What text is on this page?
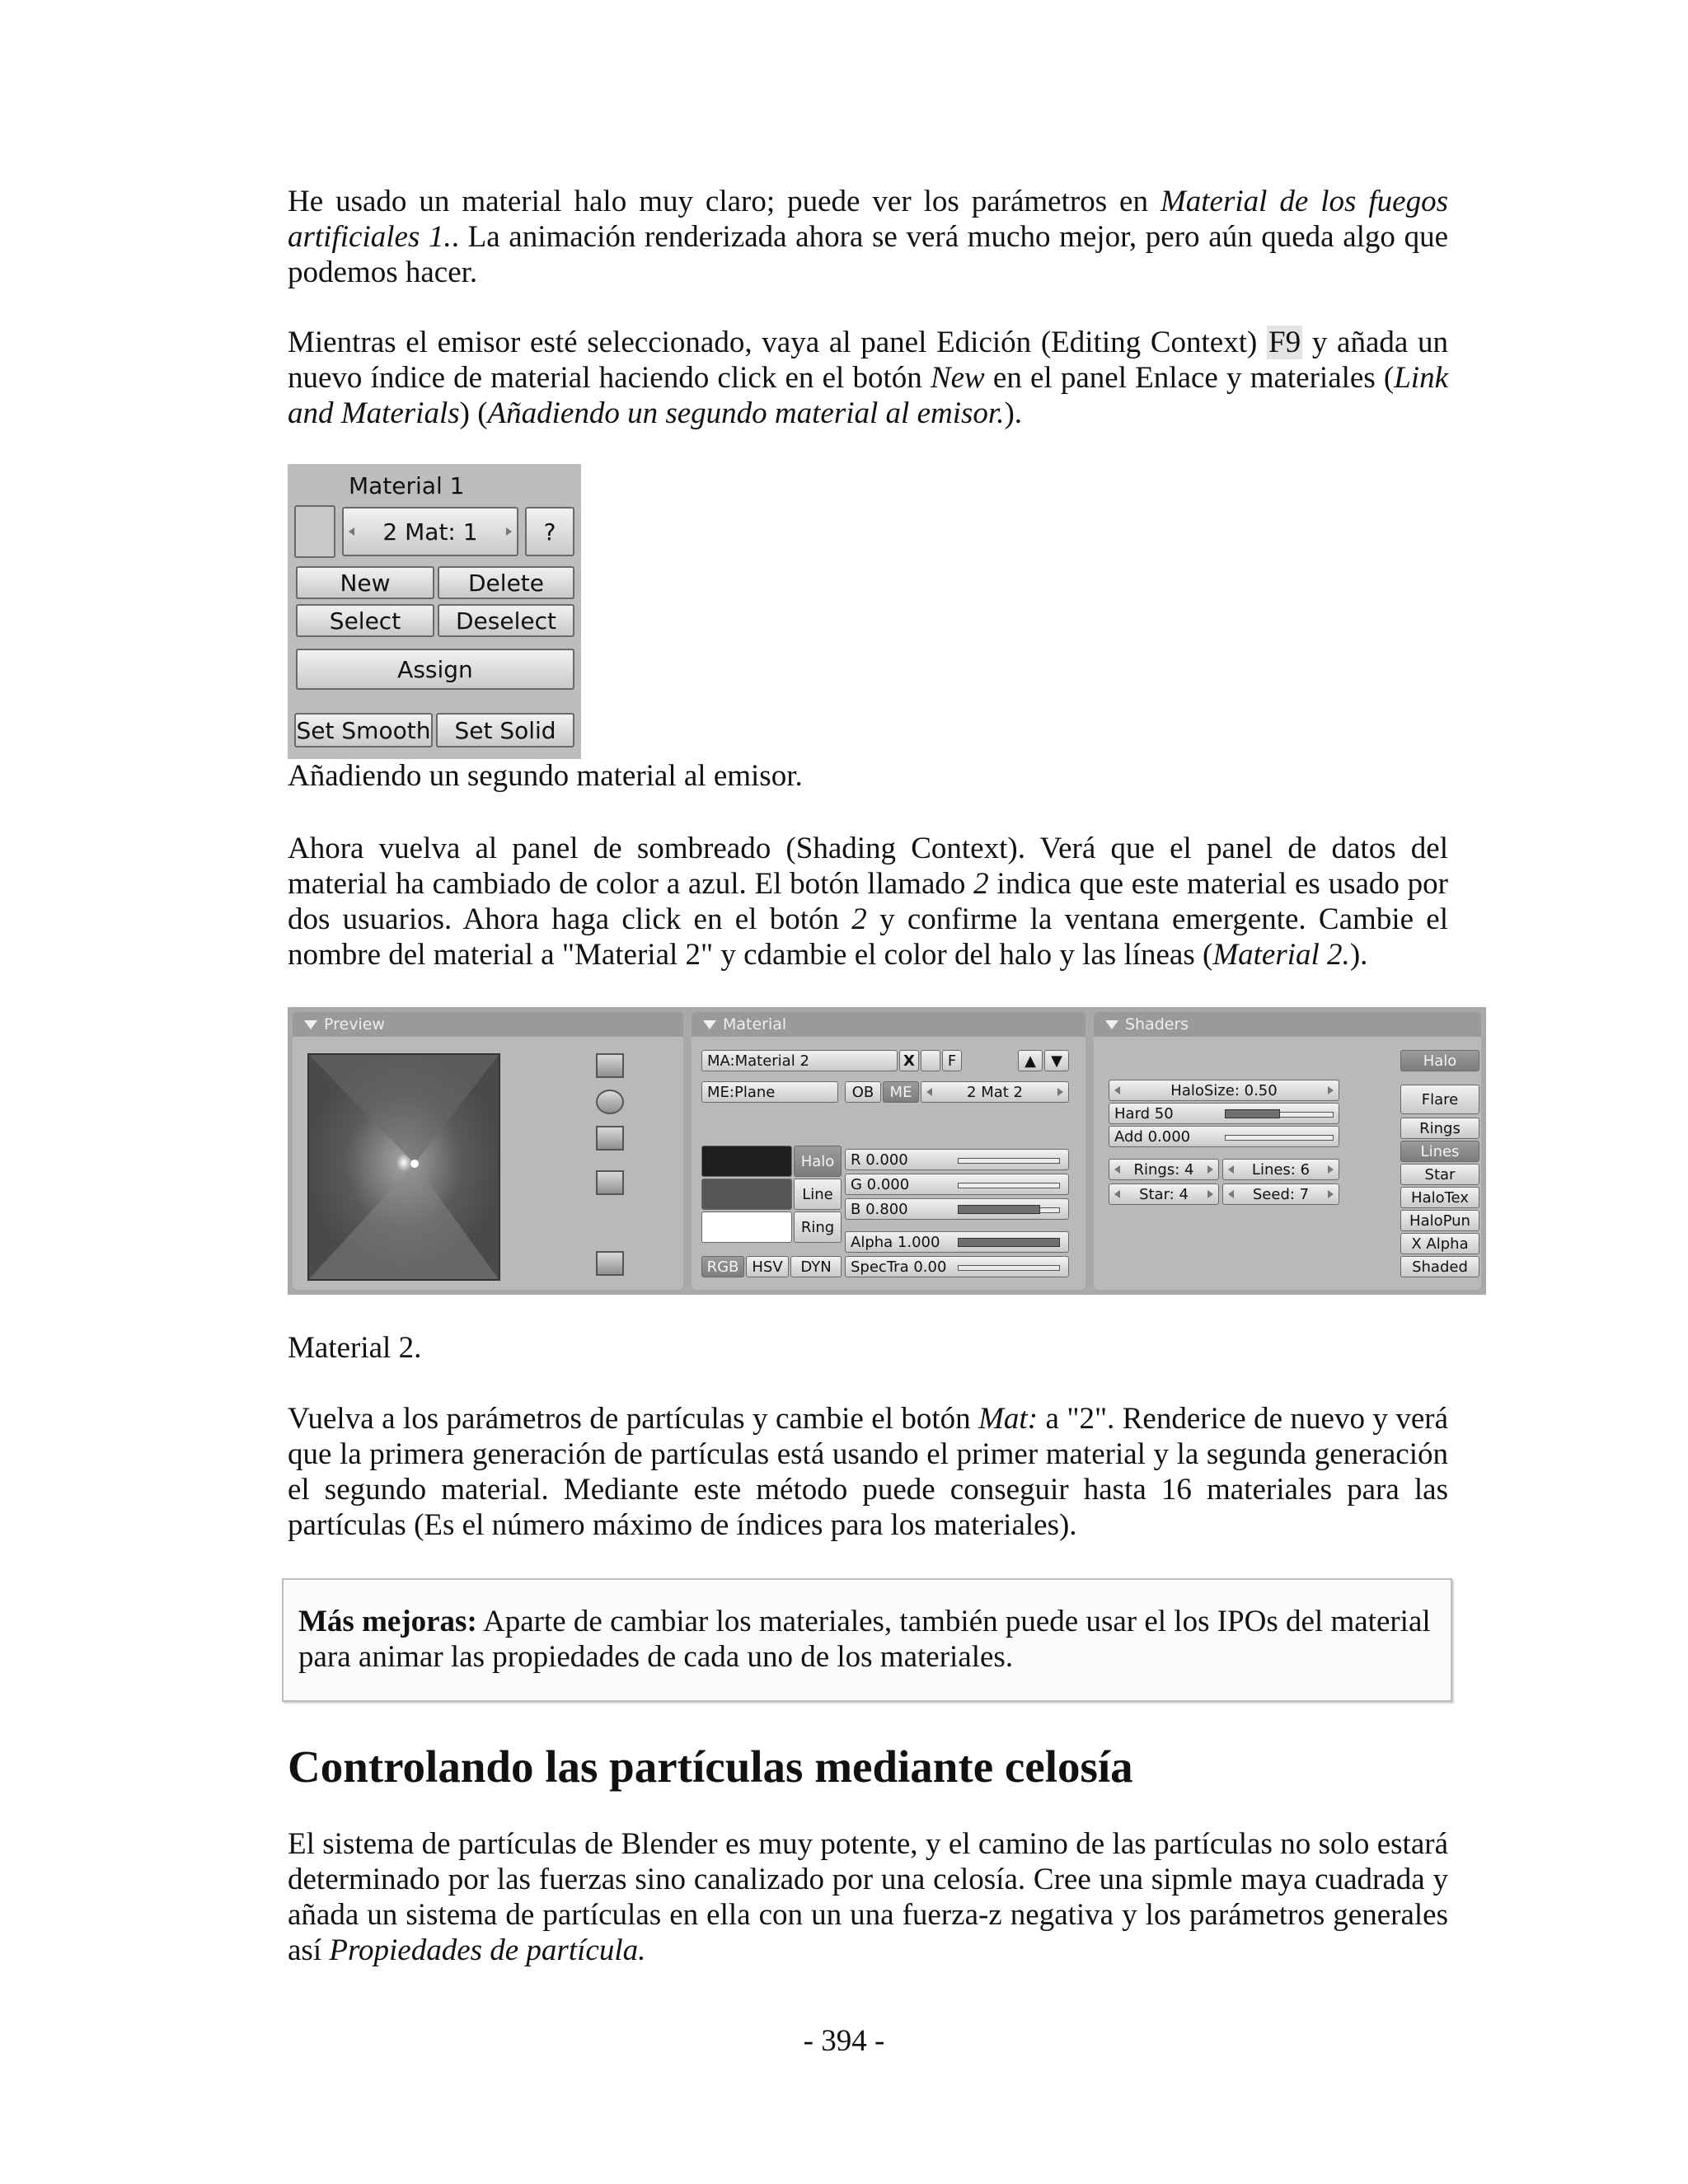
He usado un material halo muy claro; puede ver los parámetros en Material de los fuegos artificiales 1.. La animación renderizada ahora se verá mucho mejor, pero aún queda algo que podemos hacer.

Mientras el emisor esté seleccionado, vaya al panel Edición (Editing Context) F9 y añada un nuevo índice de material haciendo click en el botón New en el panel Enlace y materiales (Link and Materials) (Añadiendo un segundo material al emisor.).

Material 1
2 Mat: 1	?
New	Delete
Select	Deselect
Assign
Set Smooth	Set Solid

Añadiendo un segundo material al emisor.

Ahora vuelva al panel de sombreado (Shading Context). Verá que el panel de datos del material ha cambiado de color a azul. El botón llamado 2 indica que este material es usado por dos usuarios. Ahora haga click en el botón 2 y confirme la ventana emergente. Cambie el nombre del material a "Material 2" y cdambie el color del halo y las líneas (Material 2.).

Preview	Material
MA:Material 2	X	F	▲	▼
ME:Plane	OB	ME	2 Mat 2
Halo
Line
Ring
R 0.000
G 0.000
B 0.800
Alpha 1.000
SpecTra 0.00
RGB HSV	DYN
Shaders
HaloSize: 0.50
Hard 50
Add 0.000
Rings: 4	Lines: 6
Star: 4	Seed: 7
Halo
Flare
Rings
Lines
Star
HaloTex
HaloPun
X Alpha
Shaded

Material 2.

Vuelva a los parámetros de partículas y cambie el botón Mat: a "2". Renderice de nuevo y verá que la primera generación de partículas está usando el primer material y la segunda generación el segundo material. Mediante este método puede conseguir hasta 16 materiales para las partículas (Es el número máximo de índices para los materiales).

Más mejoras: Aparte de cambiar los materiales, también puede usar el los IPOs del material para animar las propiedades de cada uno de los materiales.

Controlando las partículas mediante celosía

El sistema de partículas de Blender es muy potente, y el camino de las partículas no solo estará determinado por las fuerzas sino canalizado por una celosía. Cree una sipmle maya cuadrada y añada un sistema de partículas en ella con un una fuerza-z negativa y los parámetros generales así Propiedades de partícula.

- 394 -
